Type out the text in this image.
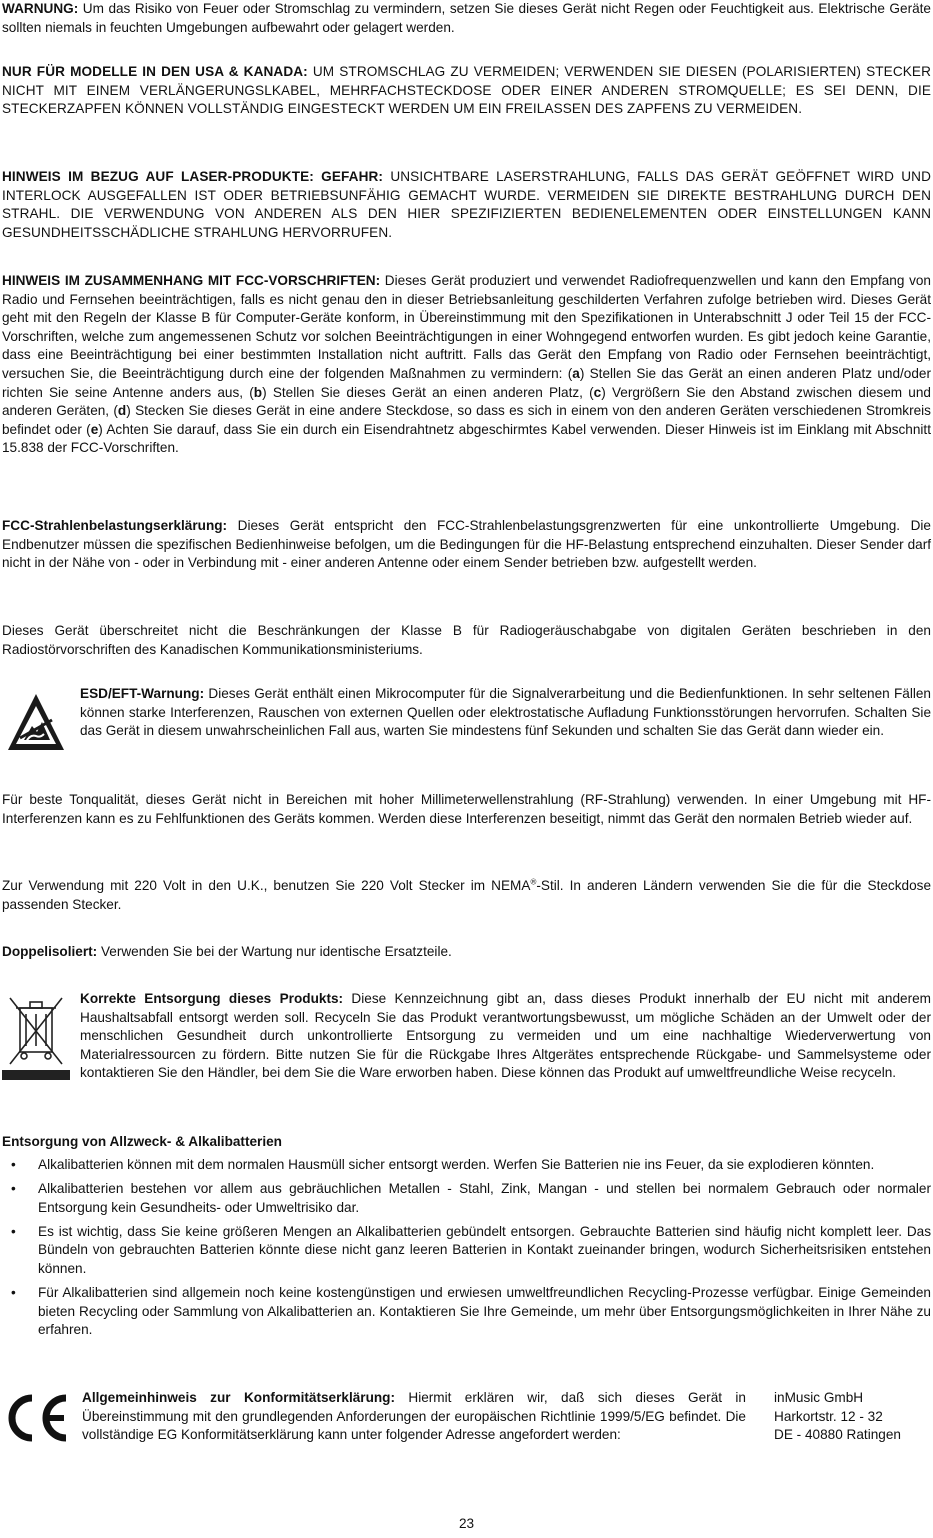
WARNUNG: Um das Risiko von Feuer oder Stromschlag zu vermindern, setzen Sie dieses Gerät nicht Regen oder Feuchtigkeit aus. Elektrische Geräte sollten niemals in feuchten Umgebungen aufbewahrt oder gelagert werden.

NUR FÜR MODELLE IN DEN USA & KANADA: UM STROMSCHLAG ZU VERMEIDEN; VERWENDEN SIE DIESEN (POLARISIERTEN) STECKER NICHT MIT EINEM VERLÄNGERUNGSLKABEL, MEHRFACHSTECKDOSE ODER EINER ANDEREN STROMQUELLE; ES SEI DENN, DIE STECKERZAPFEN KÖNNEN VOLLSTÄNDIG EINGESTECKT WERDEN UM EIN FREILASSEN DES ZAPFENS ZU VERMEIDEN.

HINWEIS IM BEZUG AUF LASER-PRODUKTE: GEFAHR: UNSICHTBARE LASERSTRAHLUNG, FALLS DAS GERÄT GEÖFFNET WIRD UND INTERLOCK AUSGEFALLEN IST ODER BETRIEBSUNFÄHIG GEMACHT WURDE. VERMEIDEN SIE DIREKTE BESTRAHLUNG DURCH DEN STRAHL. DIE VERWENDUNG VON ANDEREN ALS DEN HIER SPEZIFIZIERTEN BEDIENELEMENTEN ODER EINSTELLUNGEN KANN GESUNDHEITSSCHÄDLICHE STRAHLUNG HERVORRUFEN.

HINWEIS IM ZUSAMMENHANG MIT FCC-VORSCHRIFTEN: Dieses Gerät produziert und verwendet Radiofrequenzwellen und kann den Empfang von Radio und Fernsehen beeinträchtigen, falls es nicht genau den in dieser Betriebsanleitung geschilderten Verfahren zufolge betrieben wird. Dieses Gerät geht mit den Regeln der Klasse B für Computer-Geräte konform, in Übereinstimmung mit den Spezifikationen in Unterabschnitt J oder Teil 15 der FCC-Vorschriften, welche zum angemessenen Schutz vor solchen Beeinträchtigungen in einer Wohngegend entworfen wurden. Es gibt jedoch keine Garantie, dass eine Beeinträchtigung bei einer bestimmten Installation nicht auftritt. Falls das Gerät den Empfang von Radio oder Fernsehen beeinträchtigt, versuchen Sie, die Beeinträchtigung durch eine der folgenden Maßnahmen zu vermindern: (a) Stellen Sie das Gerät an einen anderen Platz und/oder richten Sie seine Antenne anders aus, (b) Stellen Sie dieses Gerät an einen anderen Platz, (c) Vergrößern Sie den Abstand zwischen diesem und anderen Geräten, (d) Stecken Sie dieses Gerät in eine andere Steckdose, so dass es sich in einem von den anderen Geräten verschiedenen Stromkreis befindet oder (e) Achten Sie darauf, dass Sie ein durch ein Eisendrahtnetz abgeschirmtes Kabel verwenden. Dieser Hinweis ist im Einklang mit Abschnitt 15.838 der FCC-Vorschriften.

FCC-Strahlenbelastungserklärung: Dieses Gerät entspricht den FCC-Strahlenbelastungsgrenzwerten für eine unkontrollierte Umgebung. Die Endbenutzer müssen die spezifischen Bedienhinweise befolgen, um die Bedingungen für die HF-Belastung entsprechend einzuhalten. Dieser Sender darf nicht in der Nähe von - oder in Verbindung mit - einer anderen Antenne oder einem Sender betrieben bzw. aufgestellt werden.

Dieses Gerät überschreitet nicht die Beschränkungen der Klasse B für Radiogeräuschabgabe von digitalen Geräten beschrieben in den Radiostörvorschriften des Kanadischen Kommunikationsministeriums.

ESD/EFT-Warnung: Dieses Gerät enthält einen Mikrocomputer für die Signalverarbeitung und die Bedienfunktionen. In sehr seltenen Fällen können starke Interferenzen, Rauschen von externen Quellen oder elektrostatische Aufladung Funktionsstörungen hervorrufen. Schalten Sie das Gerät in diesem unwahrscheinlichen Fall aus, warten Sie mindestens fünf Sekunden und schalten Sie das Gerät dann wieder ein.

Für beste Tonqualität, dieses Gerät nicht in Bereichen mit hoher Millimeterwellenstrahlung (RF-Strahlung) verwenden. In einer Umgebung mit HF-Interferenzen kann es zu Fehlfunktionen des Geräts kommen. Werden diese Interferenzen beseitigt, nimmt das Gerät den normalen Betrieb wieder auf.

Zur Verwendung mit 220 Volt in den U.K., benutzen Sie 220 Volt Stecker im NEMA®-Stil. In anderen Ländern verwenden Sie die für die Steckdose passenden Stecker.

Doppelisoliert: Verwenden Sie bei der Wartung nur identische Ersatzteile.

Korrekte Entsorgung dieses Produkts: Diese Kennzeichnung gibt an, dass dieses Produkt innerhalb der EU nicht mit anderem Haushaltsabfall entsorgt werden soll. Recyceln Sie das Produkt verantwortungsbewusst, um mögliche Schäden an der Umwelt oder der menschlichen Gesundheit durch unkontrollierte Entsorgung zu vermeiden und um eine nachhaltige Wiederverwertung von Materialressourcen zu fördern. Bitte nutzen Sie für die Rückgabe Ihres Altgerätes entsprechende Rückgabe- und Sammelsysteme oder kontaktieren Sie den Händler, bei dem Sie die Ware erworben haben. Diese können das Produkt auf umweltfreundliche Weise recyceln.

Entsorgung von Allzweck- & Alkalibatterien

• Alkalibatterien können mit dem normalen Hausmüll sicher entsorgt werden. Werfen Sie Batterien nie ins Feuer, da sie explodieren könnten.
• Alkalibatterien bestehen vor allem aus gebräuchlichen Metallen - Stahl, Zink, Mangan - und stellen bei normalem Gebrauch oder normaler Entsorgung kein Gesundheits- oder Umweltrisiko dar.
• Es ist wichtig, dass Sie keine größeren Mengen an Alkalibatterien gebündelt entsorgen. Gebrauchte Batterien sind häufig nicht komplett leer. Das Bündeln von gebrauchten Batterien könnte diese nicht ganz leeren Batterien in Kontakt zueinander bringen, wodurch Sicherheitsrisiken entstehen können.
• Für Alkalibatterien sind allgemein noch keine kostengünstigen und erwiesen umweltfreundlichen Recycling-Prozesse verfügbar. Einige Gemeinden bieten Recycling oder Sammlung von Alkalibatterien an. Kontaktieren Sie Ihre Gemeinde, um mehr über Entsorgungsmöglichkeiten in Ihrer Nähe zu erfahren.

Allgemeinhinweis zur Konformitätserklärung: Hiermit erklären wir, daß sich dieses Gerät in Übereinstimmung mit den grundlegenden Anforderungen der europäischen Richtlinie 1999/5/EG befindet. Die vollständige EG Konformitätserklärung kann unter folgender Adresse angefordert werden:

inMusic GmbH
Harkortstr. 12 - 32
DE - 40880 Ratingen
23
